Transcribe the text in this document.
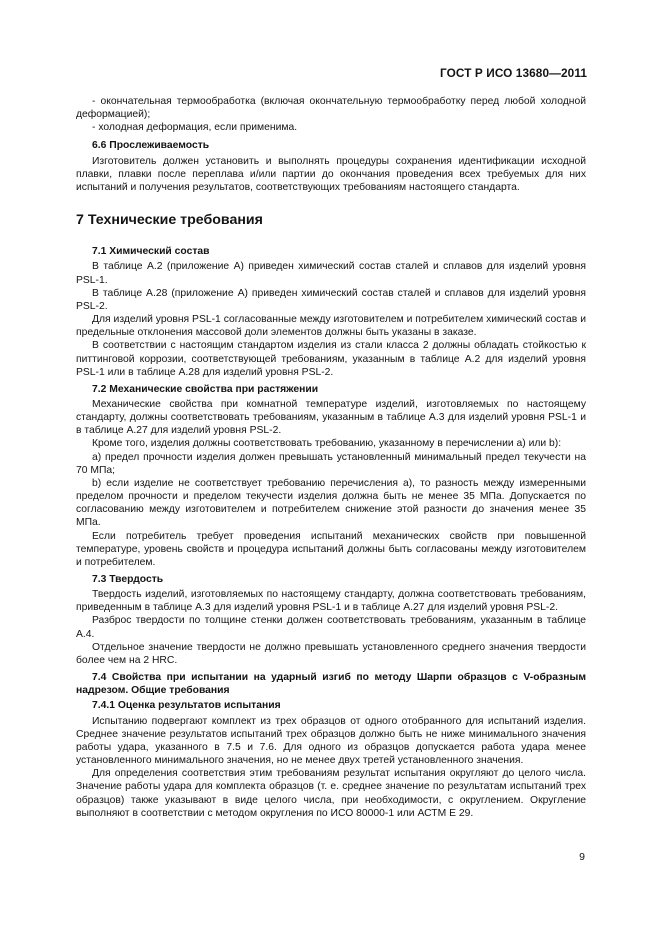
ГОСТ Р ИСО 13680—2011

- окончательная термообработка (включая окончательную термообработку перед любой холодной деформацией);

- холодная деформация, если применима.

6.6 Прослеживаемость

Изготовитель должен установить и выполнять процедуры сохранения идентификации исходной плавки, плавки после переплава и/или партии до окончания проведения всех требуемых для них испытаний и получения результатов, соответствующих требованиям настоящего стандарта.

7 Технические требования
7.1 Химический состав

В таблице А.2 (приложение А) приведен химический состав сталей и сплавов для изделий уровня PSL-1.

В таблице А.28 (приложение А) приведен химический состав сталей и сплавов для изделий уровня PSL-2.

Для изделий уровня PSL-1 согласованные между изготовителем и потребителем химический состав и предельные отклонения массовой доли элементов должны быть указаны в заказе.

В соответствии с настоящим стандартом изделия из стали класса 2 должны обладать стойкостью к питтинговой коррозии, соответствующей требованиям, указанным в таблице А.2 для изделий уровня PSL-1 или в таблице А.28 для изделий уровня PSL-2.

7.2 Механические свойства при растяжении

Механические свойства при комнатной температуре изделий, изготовляемых по настоящему стандарту, должны соответствовать требованиям, указанным в таблице А.3 для изделий уровня PSL-1 и в таблице А.27 для изделий уровня PSL-2.

Кроме того, изделия должны соответствовать требованию, указанному в перечислении а) или b):

а) предел прочности изделия должен превышать установленный минимальный предел текучести на 70 МПа;

b) если изделие не соответствует требованию перечисления а), то разность между измеренными пределом прочности и пределом текучести изделия должна быть не менее 35 МПа. Допускается по согласованию между изготовителем и потребителем снижение этой разности до значения менее 35 МПа.

Если потребитель требует проведения испытаний механических свойств при повышенной температуре, уровень свойств и процедура испытаний должны быть согласованы между изготовителем и потребителем.

7.3 Твердость

Твердость изделий, изготовляемых по настоящему стандарту, должна соответствовать требованиям, приведенным в таблице А.3 для изделий уровня PSL-1 и в таблице А.27 для изделий уровня PSL-2.

Разброс твердости по толщине стенки должен соответствовать требованиям, указанным в таблице А.4.

Отдельное значение твердости не должно превышать установленного среднего значения твердости более чем на 2 HRC.

7.4 Свойства при испытании на ударный изгиб по методу Шарпи образцов с V-образным надрезом. Общие требования
7.4.1 Оценка результатов испытания

Испытанию подвергают комплект из трех образцов от одного отобранного для испытаний изделия. Среднее значение результатов испытаний трех образцов должно быть не ниже минимального значения работы удара, указанного в 7.5 и 7.6. Для одного из образцов допускается работа удара менее установленного минимального значения, но не менее двух третей установленного значения.

Для определения соответствия этим требованиям результат испытания округляют до целого числа. Значение работы удара для комплекта образцов (т. е. среднее значение по результатам испытаний трех образцов) также указывают в виде целого числа, при необходимости, с округлением. Округление выполняют в соответствии с методом округления по ИСО 80000-1 или АСТМ Е 29.

9
